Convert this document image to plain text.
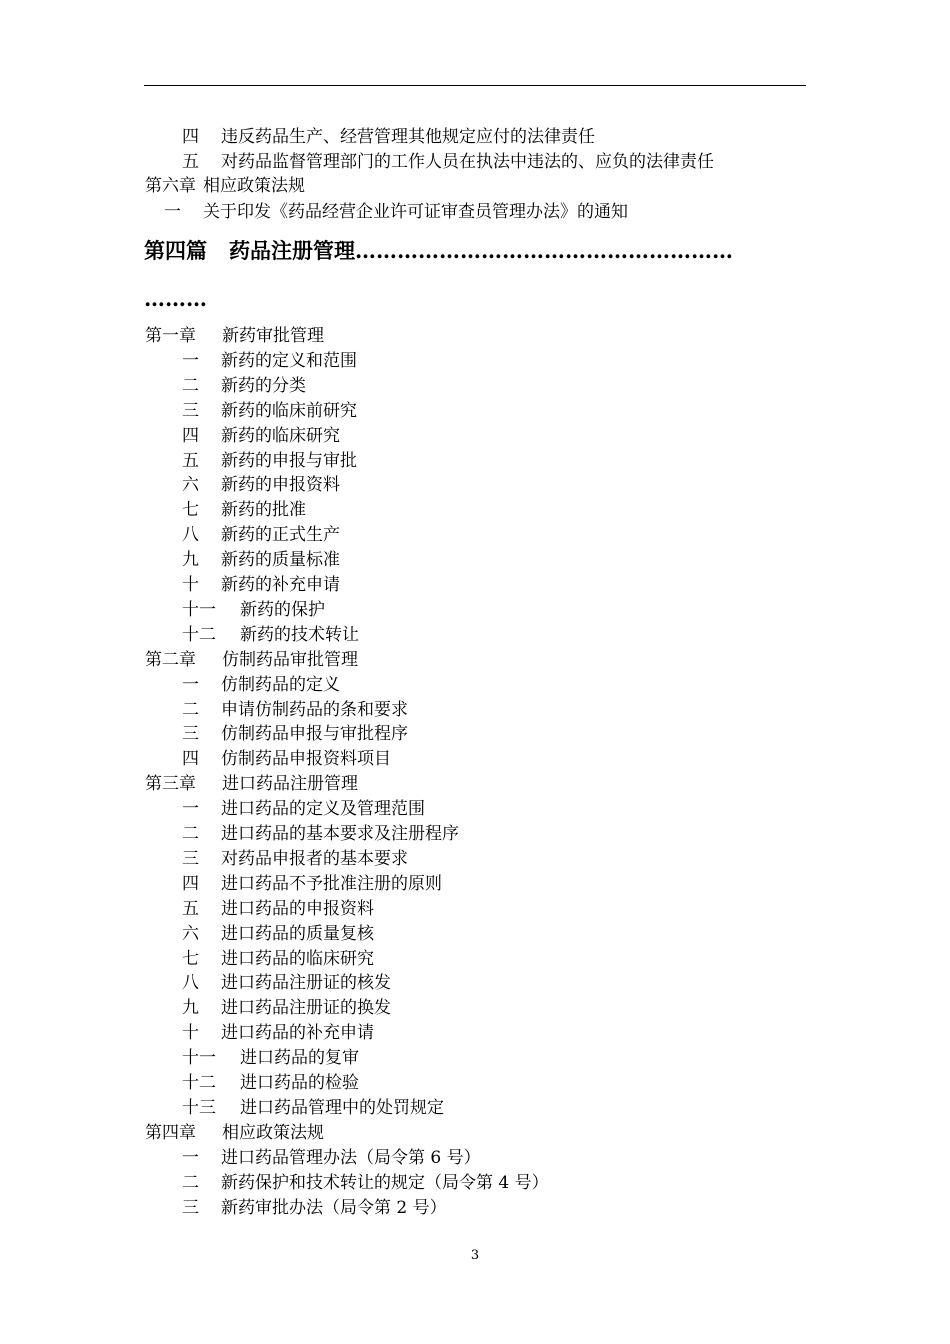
四 违反药品生产、经营管理其他规定应付的法律责任
五 对药品监督管理部门的工作人员在执法中违法的、应负的法律责任
第六章 相应政策法规
一 关于印发《药品经营企业许可证审查员管理办法》的通知
第四篇 药品注册管理………………………………………………
………
第一章 新药审批管理
一 新药的定义和范围
二 新药的分类
三 新药的临床前研究
四 新药的临床研究
五 新药的申报与审批
六 新药的申报资料
七 新药的批准
八 新药的正式生产
九 新药的质量标准
十 新药的补充申请
十一 新药的保护
十二 新药的技术转让
第二章 仿制药品审批管理
一 仿制药品的定义
二 申请仿制药品的条和要求
三 仿制药品申报与审批程序
四 仿制药品申报资料项目
第三章 进口药品注册管理
一 进口药品的定义及管理范围
二 进口药品的基本要求及注册程序
三 对药品申报者的基本要求
四 进口药品不予批准注册的原则
五 进口药品的申报资料
六 进口药品的质量复核
七 进口药品的临床研究
八 进口药品注册证的核发
九 进口药品注册证的换发
十 进口药品的补充申请
十一 进口药品的复审
十二 进口药品的检验
十三 进口药品管理中的处罚规定
第四章 相应政策法规
一 进口药品管理办法（局令第 6 号）
二 新药保护和技术转让的规定（局令第 4 号）
三 新药审批办法（局令第 2 号）
3
